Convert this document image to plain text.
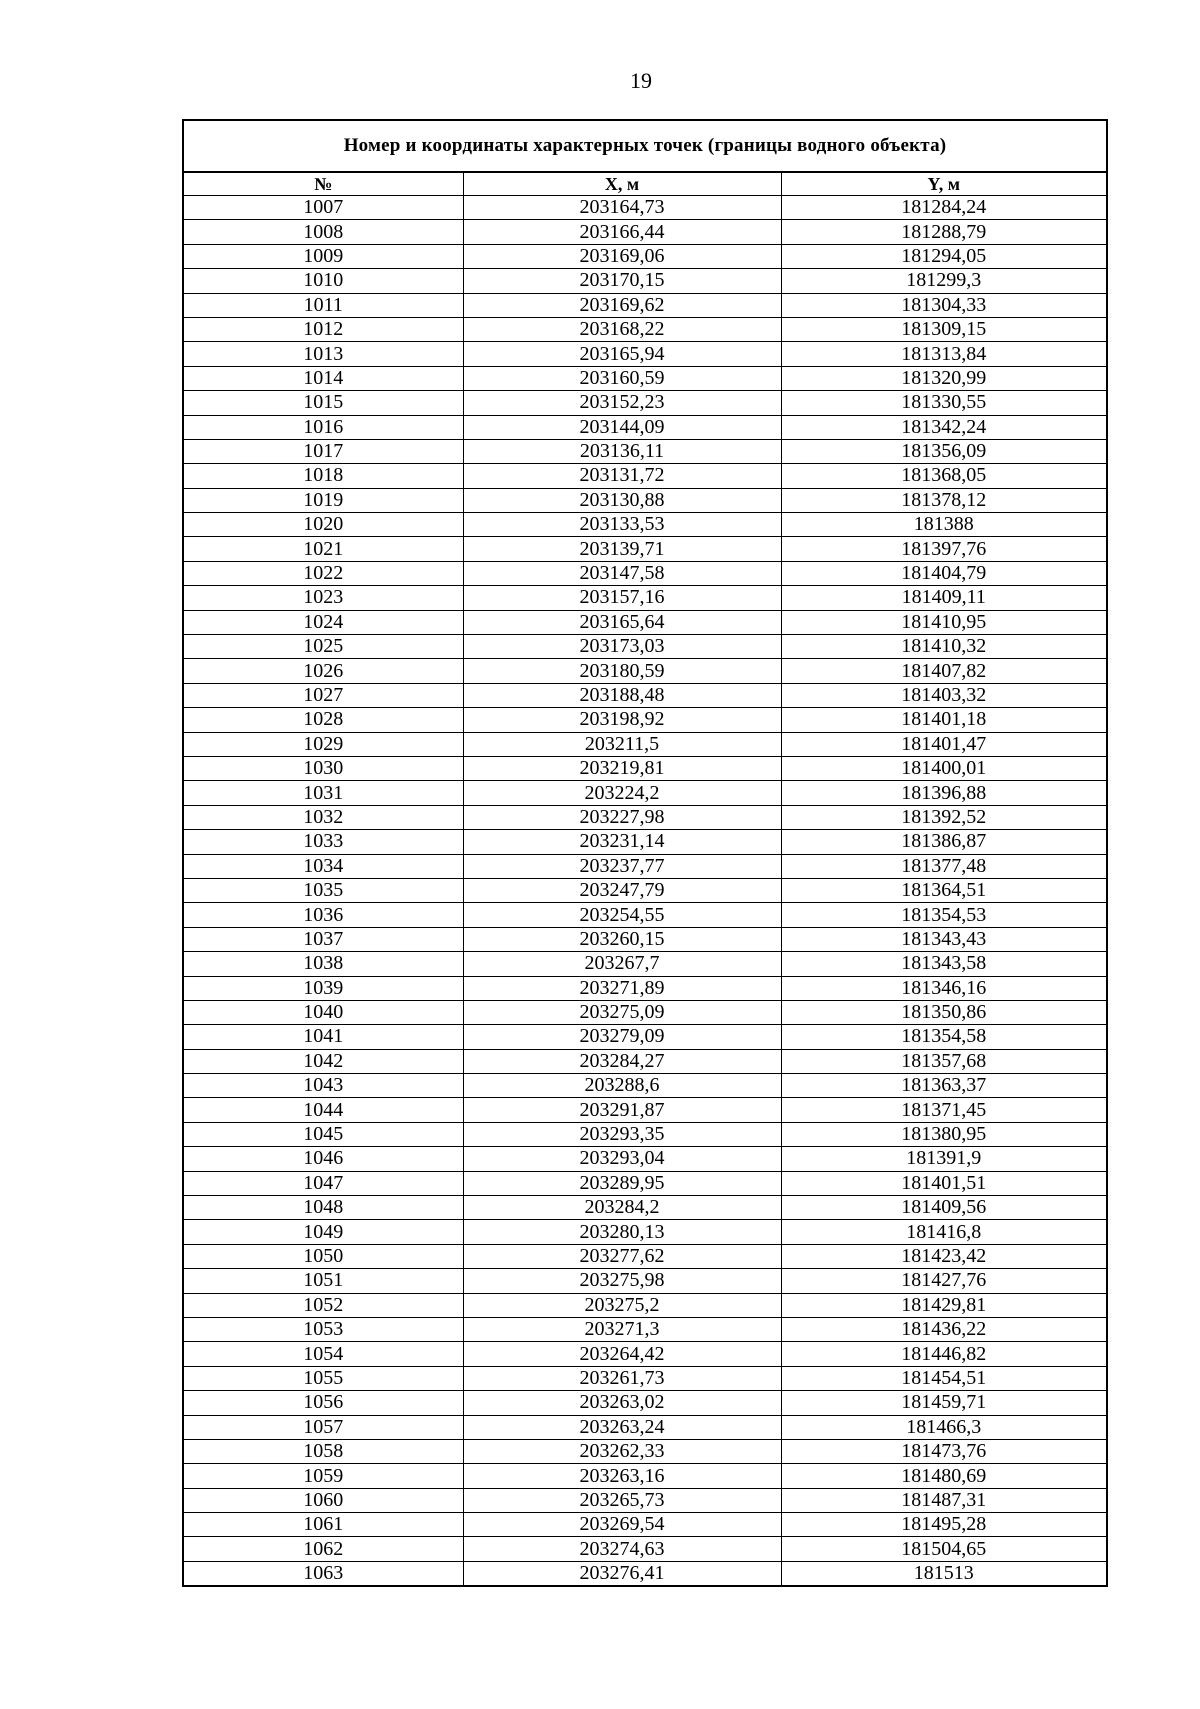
19
Номер и координаты характерных точек (границы водного объекта)		
№	X, м	Y, м
1007	203164,73	181284,24
1008	203166,44	181288,79
1009	203169,06	181294,05
1010	203170,15	181299,3
1011	203169,62	181304,33
1012	203168,22	181309,15
1013	203165,94	181313,84
1014	203160,59	181320,99
1015	203152,23	181330,55
1016	203144,09	181342,24
1017	203136,11	181356,09
1018	203131,72	181368,05
1019	203130,88	181378,12
1020	203133,53	181388
1021	203139,71	181397,76
1022	203147,58	181404,79
1023	203157,16	181409,11
1024	203165,64	181410,95
1025	203173,03	181410,32
1026	203180,59	181407,82
1027	203188,48	181403,32
1028	203198,92	181401,18
1029	203211,5	181401,47
1030	203219,81	181400,01
1031	203224,2	181396,88
1032	203227,98	181392,52
1033	203231,14	181386,87
1034	203237,77	181377,48
1035	203247,79	181364,51
1036	203254,55	181354,53
1037	203260,15	181343,43
1038	203267,7	181343,58
1039	203271,89	181346,16
1040	203275,09	181350,86
1041	203279,09	181354,58
1042	203284,27	181357,68
1043	203288,6	181363,37
1044	203291,87	181371,45
1045	203293,35	181380,95
1046	203293,04	181391,9
1047	203289,95	181401,51
1048	203284,2	181409,56
1049	203280,13	181416,8
1050	203277,62	181423,42
1051	203275,98	181427,76
1052	203275,2	181429,81
1053	203271,3	181436,22
1054	203264,42	181446,82
1055	203261,73	181454,51
1056	203263,02	181459,71
1057	203263,24	181466,3
1058	203262,33	181473,76
1059	203263,16	181480,69
1060	203265,73	181487,31
1061	203269,54	181495,28
1062	203274,63	181504,65
1063	203276,41	181513
